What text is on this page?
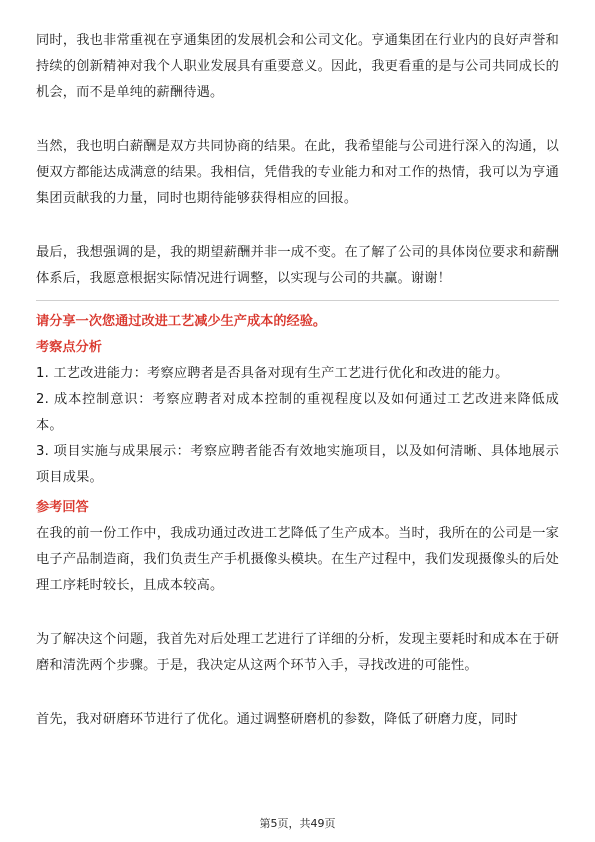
同时，我也非常重视在亨通集团的发展机会和公司文化。亨通集团在行业内的良好声誉和持续的创新精神对我个人职业发展具有重要意义。因此，我更看重的是与公司共同成长的机会，而不是单纯的薪酬待遇。

当然，我也明白薪酬是双方共同协商的结果。在此，我希望能与公司进行深入的沟通，以便双方都能达成满意的结果。我相信，凭借我的专业能力和对工作的热情，我可以为亨通集团贡献我的力量，同时也期待能够获得相应的回报。

最后，我想强调的是，我的期望薪酬并非一成不变。在了解了公司的具体岗位要求和薪酬体系后，我愿意根据实际情况进行调整，以实现与公司的共赢。谢谢！

请分享一次您通过改进工艺减少生产成本的经验。

考察点分析

1. 工艺改进能力：考察应聘者是否具备对现有生产工艺进行优化和改进的能力。

2. 成本控制意识：考察应聘者对成本控制的重视程度以及如何通过工艺改进来降低成本。

3. 项目实施与成果展示：考察应聘者能否有效地实施项目，以及如何清晰、具体地展示项目成果。

参考回答

在我的前一份工作中，我成功通过改进工艺降低了生产成本。当时，我所在的公司是一家电子产品制造商，我们负责生产手机摄像头模块。在生产过程中，我们发现摄像头的后处理工序耗时较长，且成本较高。

为了解决这个问题，我首先对后处理工艺进行了详细的分析，发现主要耗时和成本在于研磨和清洗两个步骤。于是，我决定从这两个环节入手，寻找改进的可能性。

首先，我对研磨环节进行了优化。通过调整研磨机的参数，降低了研磨力度，同时

第5页，共49页
